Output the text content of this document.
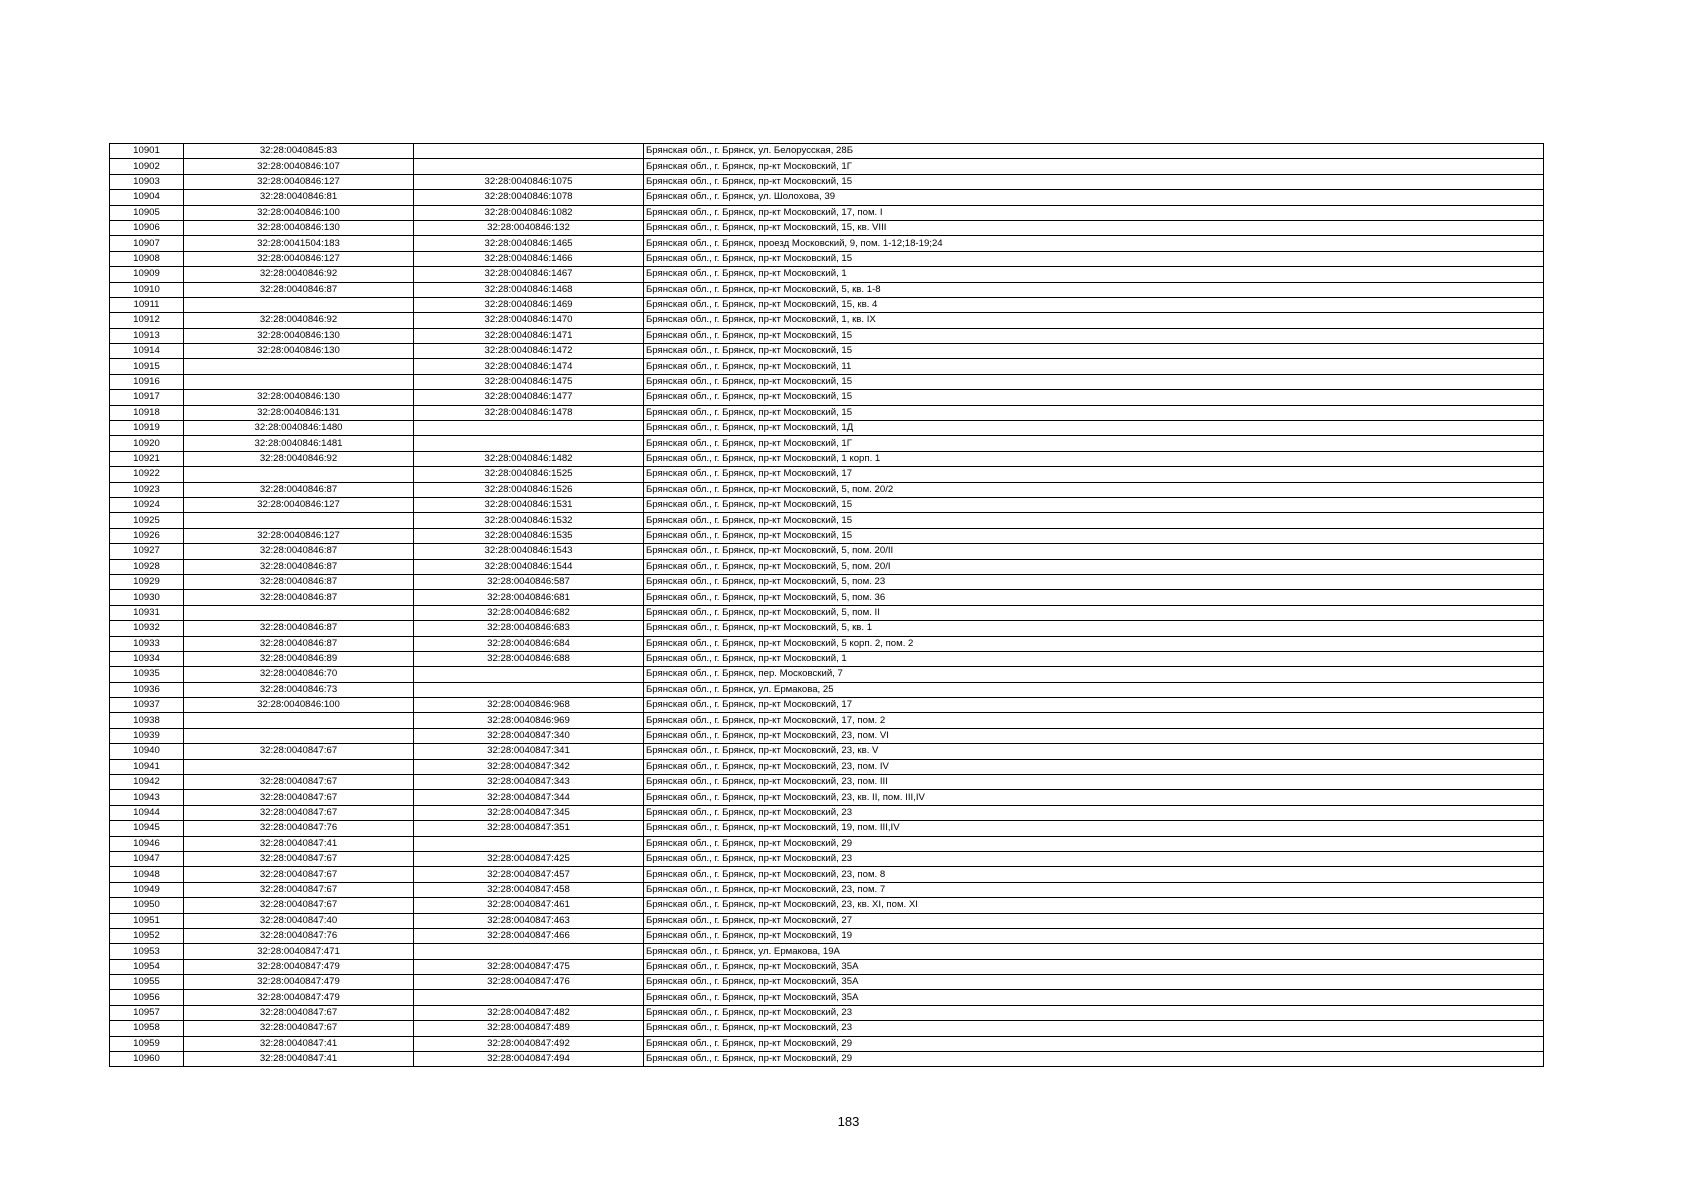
10901	32:28:0040845:83		Брянская обл., г. Брянск, ул. Белорусская, 28Б
10902	32:28:0040846:107		Брянская обл., г. Брянск, пр-кт Московский, 1Г
10903	32:28:0040846:127	32:28:0040846:1075	Брянская обл., г. Брянск, пр-кт Московский, 15
10904	32:28:0040846:81	32:28:0040846:1078	Брянская обл., г. Брянск, ул. Шолохова, 39
10905	32:28:0040846:100	32:28:0040846:1082	Брянская обл., г. Брянск, пр-кт Московский, 17, пом. I
10906	32:28:0040846:130	32:28:0040846:132	Брянская обл., г. Брянск, пр-кт Московский, 15, кв. VIII
10907	32:28:0041504:183	32:28:0040846:1465	Брянская обл., г. Брянск, проезд Московский, 9, пом. 1-12;18-19;24
10908	32:28:0040846:127	32:28:0040846:1466	Брянская обл., г. Брянск, пр-кт Московский, 15
10909	32:28:0040846:92	32:28:0040846:1467	Брянская обл., г. Брянск, пр-кт Московский, 1
10910	32:28:0040846:87	32:28:0040846:1468	Брянская обл., г. Брянск, пр-кт Московский, 5, кв. 1-8
10911		32:28:0040846:1469	Брянская обл., г. Брянск, пр-кт Московский, 15, кв. 4
10912	32:28:0040846:92	32:28:0040846:1470	Брянская обл., г. Брянск, пр-кт Московский, 1, кв. IX
10913	32:28:0040846:130	32:28:0040846:1471	Брянская обл., г. Брянск, пр-кт Московский, 15
10914	32:28:0040846:130	32:28:0040846:1472	Брянская обл., г. Брянск, пр-кт Московский, 15
10915		32:28:0040846:1474	Брянская обл., г. Брянск, пр-кт Московский, 11
10916		32:28:0040846:1475	Брянская обл., г. Брянск, пр-кт Московский, 15
10917	32:28:0040846:130	32:28:0040846:1477	Брянская обл., г. Брянск, пр-кт Московский, 15
10918	32:28:0040846:131	32:28:0040846:1478	Брянская обл., г. Брянск, пр-кт Московский, 15
10919	32:28:0040846:1480		Брянская обл., г. Брянск, пр-кт Московский, 1Д
10920	32:28:0040846:1481		Брянская обл., г. Брянск, пр-кт Московский, 1Г
10921	32:28:0040846:92	32:28:0040846:1482	Брянская обл., г. Брянск, пр-кт Московский, 1 корп. 1
10922		32:28:0040846:1525	Брянская обл., г. Брянск, пр-кт Московский, 17
10923	32:28:0040846:87	32:28:0040846:1526	Брянская обл., г. Брянск, пр-кт Московский, 5, пом. 20/2
10924	32:28:0040846:127	32:28:0040846:1531	Брянская обл., г. Брянск, пр-кт Московский, 15
10925		32:28:0040846:1532	Брянская обл., г. Брянск, пр-кт Московский, 15
10926	32:28:0040846:127	32:28:0040846:1535	Брянская обл., г. Брянск, пр-кт Московский, 15
10927	32:28:0040846:87	32:28:0040846:1543	Брянская обл., г. Брянск, пр-кт Московский, 5, пом. 20/II
10928	32:28:0040846:87	32:28:0040846:1544	Брянская обл., г. Брянск, пр-кт Московский, 5, пом. 20/I
10929	32:28:0040846:87	32:28:0040846:587	Брянская обл., г. Брянск, пр-кт Московский, 5, пом. 23
10930	32:28:0040846:87	32:28:0040846:681	Брянская обл., г. Брянск, пр-кт Московский, 5, пом. 36
10931		32:28:0040846:682	Брянская обл., г. Брянск, пр-кт Московский, 5, пом. II
10932	32:28:0040846:87	32:28:0040846:683	Брянская обл., г. Брянск, пр-кт Московский, 5, кв. 1
10933	32:28:0040846:87	32:28:0040846:684	Брянская обл., г. Брянск, пр-кт Московский, 5 корп. 2, пом. 2
10934	32:28:0040846:89	32:28:0040846:688	Брянская обл., г. Брянск, пр-кт Московский, 1
10935	32:28:0040846:70		Брянская обл., г. Брянск, пер. Московский, 7
10936	32:28:0040846:73		Брянская обл., г. Брянск, ул. Ермакова, 25
10937	32:28:0040846:100	32:28:0040846:968	Брянская обл., г. Брянск, пр-кт Московский, 17
10938		32:28:0040846:969	Брянская обл., г. Брянск, пр-кт Московский, 17, пом. 2
10939		32:28:0040847:340	Брянская обл., г. Брянск, пр-кт Московский, 23, пом. VI
10940	32:28:0040847:67	32:28:0040847:341	Брянская обл., г. Брянск, пр-кт Московский, 23, кв. V
10941		32:28:0040847:342	Брянская обл., г. Брянск, пр-кт Московский, 23, пом. IV
10942	32:28:0040847:67	32:28:0040847:343	Брянская обл., г. Брянск, пр-кт Московский, 23, пом. III
10943	32:28:0040847:67	32:28:0040847:344	Брянская обл., г. Брянск, пр-кт Московский, 23, кв. II, пом. III,IV
10944	32:28:0040847:67	32:28:0040847:345	Брянская обл., г. Брянск, пр-кт Московский, 23
10945	32:28:0040847:76	32:28:0040847:351	Брянская обл., г. Брянск, пр-кт Московский, 19, пом. III,IV
10946	32:28:0040847:41		Брянская обл., г. Брянск, пр-кт Московский, 29
10947	32:28:0040847:67	32:28:0040847:425	Брянская обл., г. Брянск, пр-кт Московский, 23
10948	32:28:0040847:67	32:28:0040847:457	Брянская обл., г. Брянск, пр-кт Московский, 23, пом. 8
10949	32:28:0040847:67	32:28:0040847:458	Брянская обл., г. Брянск, пр-кт Московский, 23, пом. 7
10950	32:28:0040847:67	32:28:0040847:461	Брянская обл., г. Брянск, пр-кт Московский, 23, кв. XI, пом. XI
10951	32:28:0040847:40	32:28:0040847:463	Брянская обл., г. Брянск, пр-кт Московский, 27
10952	32:28:0040847:76	32:28:0040847:466	Брянская обл., г. Брянск, пр-кт Московский, 19
10953	32:28:0040847:471		Брянская обл., г. Брянск, ул. Ермакова, 19А
10954	32:28:0040847:479	32:28:0040847:475	Брянская обл., г. Брянск, пр-кт Московский, 35А
10955	32:28:0040847:479	32:28:0040847:476	Брянская обл., г. Брянск, пр-кт Московский, 35А
10956	32:28:0040847:479		Брянская обл., г. Брянск, пр-кт Московский, 35А
10957	32:28:0040847:67	32:28:0040847:482	Брянская обл., г. Брянск, пр-кт Московский, 23
10958	32:28:0040847:67	32:28:0040847:489	Брянская обл., г. Брянск, пр-кт Московский, 23
10959	32:28:0040847:41	32:28:0040847:492	Брянская обл., г. Брянск, пр-кт Московский, 29
10960	32:28:0040847:41	32:28:0040847:494	Брянская обл., г. Брянск, пр-кт Московский, 29
183
